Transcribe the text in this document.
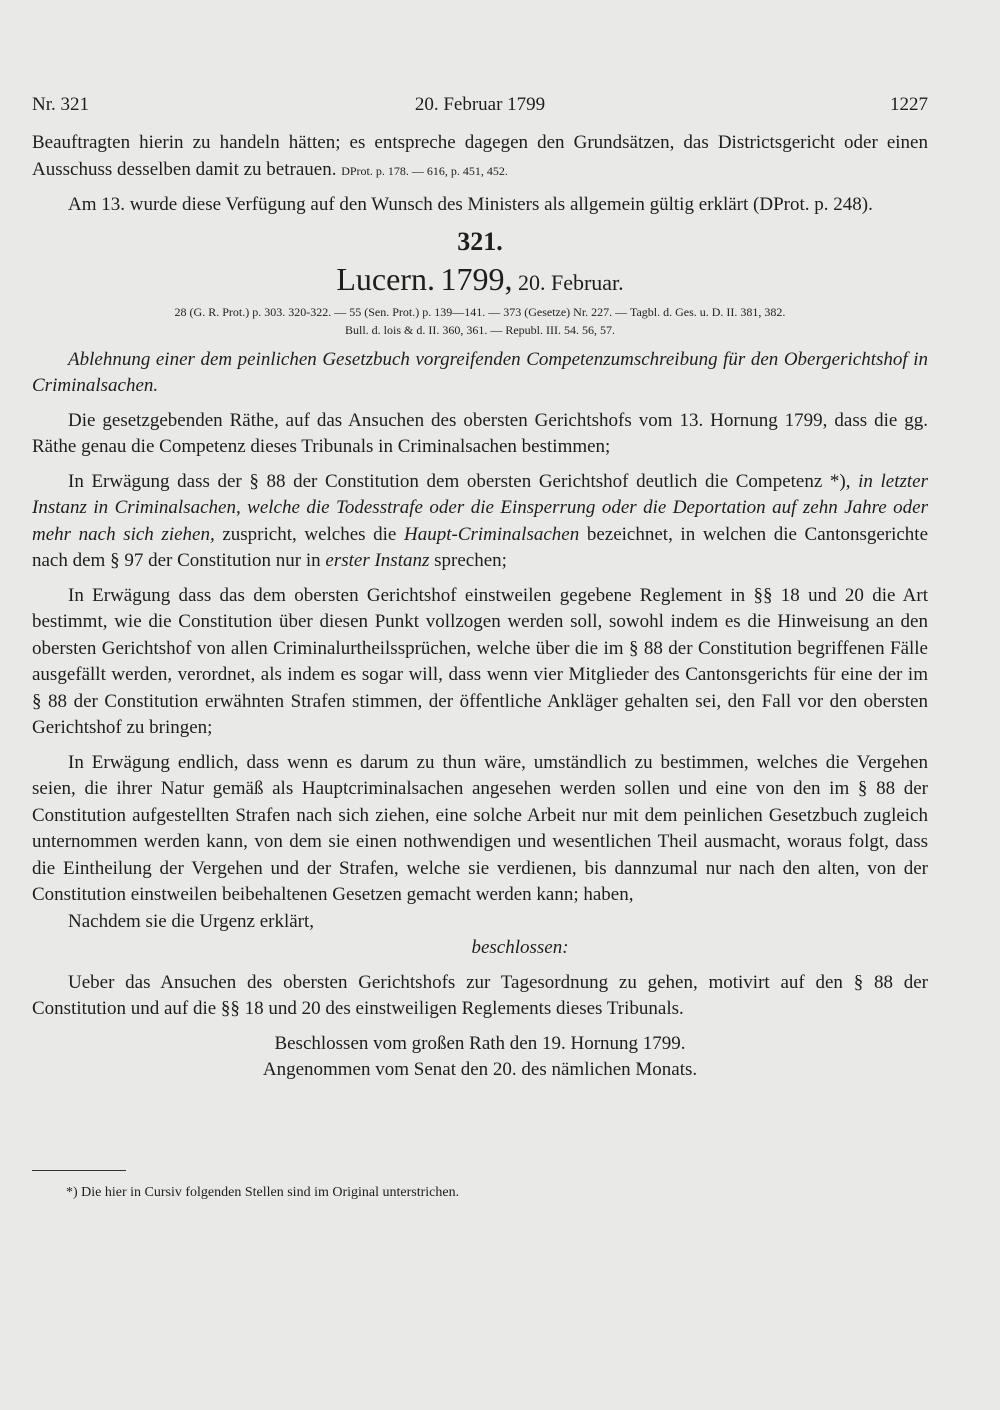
Nr. 321	20. Februar 1799	1227

Beauftragten hierin zu handeln hätten; es entspreche dagegen den Grundsätzen, das Districtsgericht oder einen Ausschuss desselben damit zu betrauen. DProt. p. 178. — 616, p. 451, 452.

Am 13. wurde diese Verfügung auf den Wunsch des Ministers als allgemein gültig erklärt (DProt. p. 248).

321.
Lucern. 1799, 20. Februar.
28 (G. R. Prot.) p. 303. 320-322. — 55 (Sen. Prot.) p. 139—141. — 373 (Gesetze) Nr. 227. — Tagbl. d. Ges. u. D. II. 381, 382.
Bull. d. lois & d. II. 360, 361. — Republ. III. 54. 56, 57.

Ablehnung einer dem peinlichen Gesetzbuch vorgreifenden Competenzumschreibung für den Obergerichtshof in Criminalsachen.

Die gesetzgebenden Räthe, auf das Ansuchen des obersten Gerichtshofs vom 13. Hornung 1799, dass die gg. Räthe genau die Competenz dieses Tribunals in Criminalsachen bestimmen;

In Erwägung dass der § 88 der Constitution dem obersten Gerichtshof deutlich die Competenz *), in letzter Instanz in Criminalsachen, welche die Todesstrafe oder die Einsperrung oder die Deportation auf zehn Jahre oder mehr nach sich ziehen, zuspricht, welches die Haupt-Criminalsachen bezeichnet, in welchen die Cantonsgerichte nach dem § 97 der Constitution nur in erster Instanz sprechen;

In Erwägung dass das dem obersten Gerichtshof einstweilen gegebene Reglement in §§ 18 und 20 die Art bestimmt, wie die Constitution über diesen Punkt vollzogen werden soll, sowohl indem es die Hinweisung an den obersten Gerichtshof von allen Criminalurtheilssprüchen, welche über die im § 88 der Constitution begriffenen Fälle ausgefällt werden, verordnet, als indem es sogar will, dass wenn vier Mitglieder des Cantonsgerichts für eine der im § 88 der Constitution erwähnten Strafen stimmen, der öffentliche Ankläger gehalten sei, den Fall vor den obersten Gerichtshof zu bringen;

In Erwägung endlich, dass wenn es darum zu thun wäre, umständlich zu bestimmen, welches die Vergehen seien, die ihrer Natur gemäß als Hauptcriminalsachen angesehen werden sollen und eine von den im § 88 der Constitution aufgestellten Strafen nach sich ziehen, eine solche Arbeit nur mit dem peinlichen Gesetzbuch zugleich unternommen werden kann, von dem sie einen nothwendigen und wesentlichen Theil ausmacht, woraus folgt, dass die Eintheilung der Vergehen und der Strafen, welche sie verdienen, bis dannzumal nur nach den alten, von der Constitution einstweilen beibehaltenen Gesetzen gemacht werden kann; haben,

Nachdem sie die Urgenz erklärt,

beschlossen:

Ueber das Ansuchen des obersten Gerichtshofs zur Tagesordnung zu gehen, motivirt auf den § 88 der Constitution und auf die §§ 18 und 20 des einstweiligen Reglements dieses Tribunals.

Beschlossen vom großen Rath den 19. Hornung 1799.

Angenommen vom Senat den 20. des nämlichen Monats.

*) Die hier in Cursiv folgenden Stellen sind im Original unterstrichen.
